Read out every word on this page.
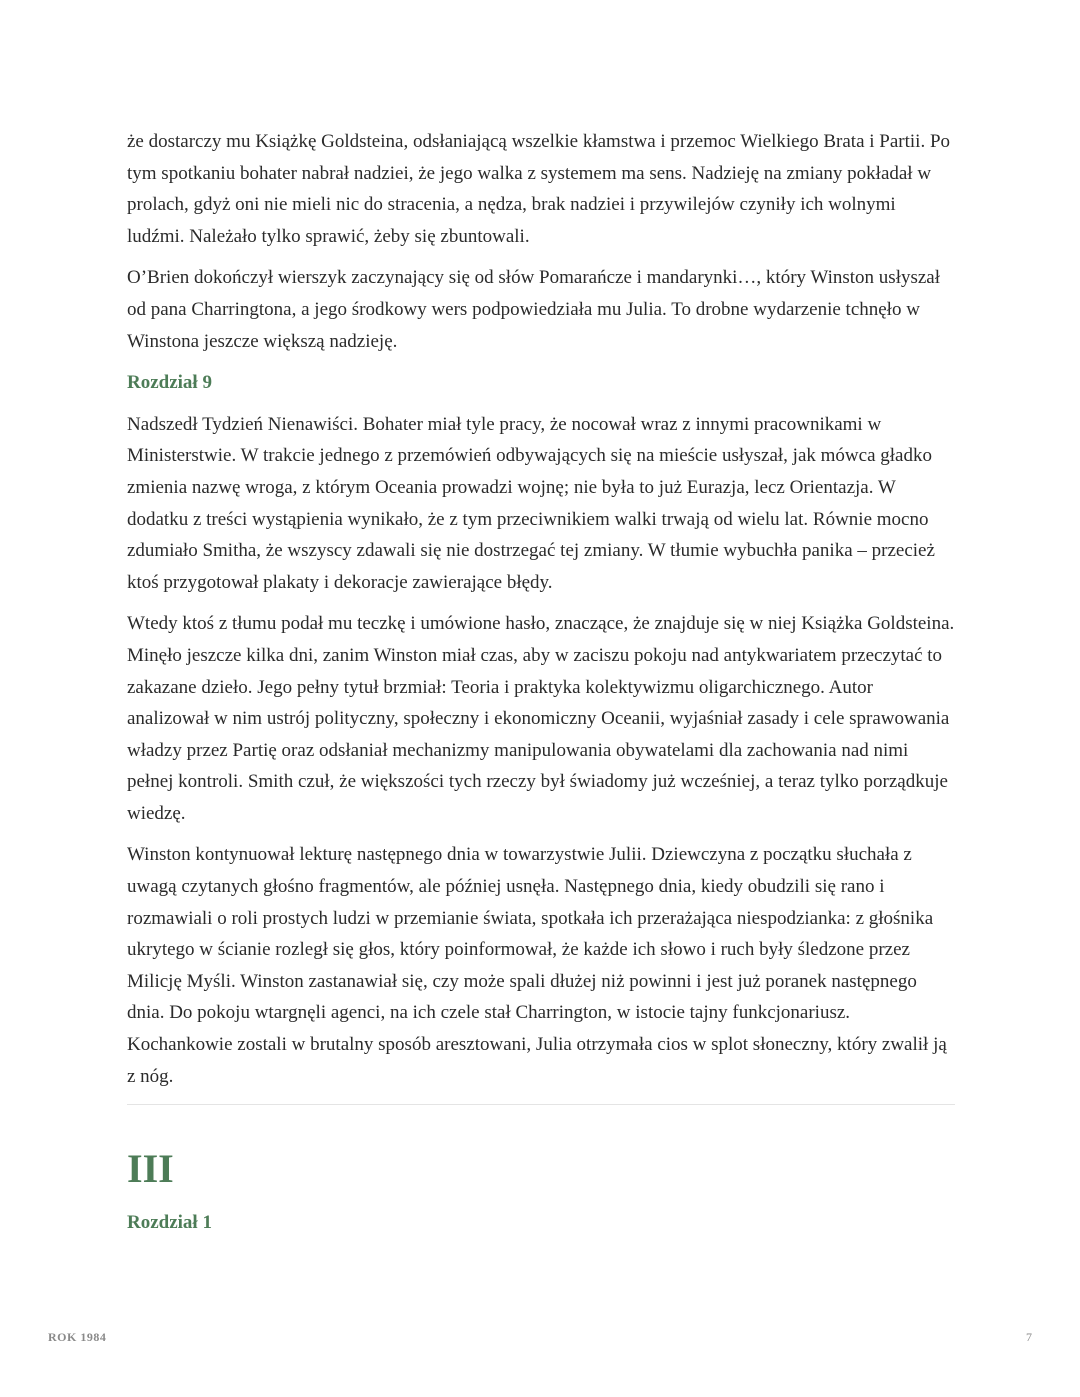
że dostarczy mu Książkę Goldsteina, odsłaniającą wszelkie kłamstwa i przemoc Wielkiego Brata i Partii. Po tym spotkaniu bohater nabrał nadziei, że jego walka z systemem ma sens. Nadzieję na zmiany pokładał w prolach, gdyż oni nie mieli nic do stracenia, a nędza, brak nadziei i przywilejów czyniły ich wolnymi ludźmi. Należało tylko sprawić, żeby się zbuntowali.

O’Brien dokończył wierszyk zaczynający się od słów Pomarańcze i mandarynki…, który Winston usłyszał od pana Charringtona, a jego środkowy wers podpowiedziała mu Julia. To drobne wydarzenie tchnęło w Winstona jeszcze większą nadzieję.

Rozdział 9

Nadszedł Tydzień Nienawiści. Bohater miał tyle pracy, że nocował wraz z innymi pracownikami w Ministerstwie. W trakcie jednego z przemówień odbywających się na mieście usłyszał, jak mówca gładko zmienia nazwę wroga, z którym Oceania prowadzi wojnę; nie była to już Eurazja, lecz Orientazja. W dodatku z treści wystąpienia wynikało, że z tym przeciwnikiem walki trwają od wielu lat. Równie mocno zdumiało Smitha, że wszyscy zdawali się nie dostrzegać tej zmiany. W tłumie wybuchła panika – przecież ktoś przygotował plakaty i dekoracje zawierające błędy.

Wtedy ktoś z tłumu podał mu teczkę i umówione hasło, znaczące, że znajduje się w niej Książka Goldsteina. Minęło jeszcze kilka dni, zanim Winston miał czas, aby w zaciszu pokoju nad antykwariatem przeczytać to zakazane dzieło. Jego pełny tytuł brzmiał: Teoria i praktyka kolektywizmu oligarchicznego. Autor analizował w nim ustrój polityczny, społeczny i ekonomiczny Oceanii, wyjaśniał zasady i cele sprawowania władzy przez Partię oraz odsłaniał mechanizmy manipulowania obywatelami dla zachowania nad nimi pełnej kontroli. Smith czuł, że większości tych rzeczy był świadomy już wcześniej, a teraz tylko porządkuje wiedzę.

Winston kontynuował lekturę następnego dnia w towarzystwie Julii. Dziewczyna z początku słuchała z uwagą czytanych głośno fragmentów, ale później usnęła. Następnego dnia, kiedy obudzili się rano i rozmawiali o roli prostych ludzi w przemianie świata, spotkała ich przerażająca niespodzianka: z głośnika ukrytego w ścianie rozległ się głos, który poinformował, że każde ich słowo i ruch były śledzone przez Milicję Myśli. Winston zastanawiał się, czy może spali dłużej niż powinni i jest już poranek następnego dnia. Do pokoju wtargnęli agenci, na ich czele stał Charrington, w istocie tajny funkcjonariusz. Kochankowie zostali w brutalny sposób aresztowani, Julia otrzymała cios w splot słoneczny, który zwalił ją z nóg.

III
Rozdział 1
ROK 1984	7
